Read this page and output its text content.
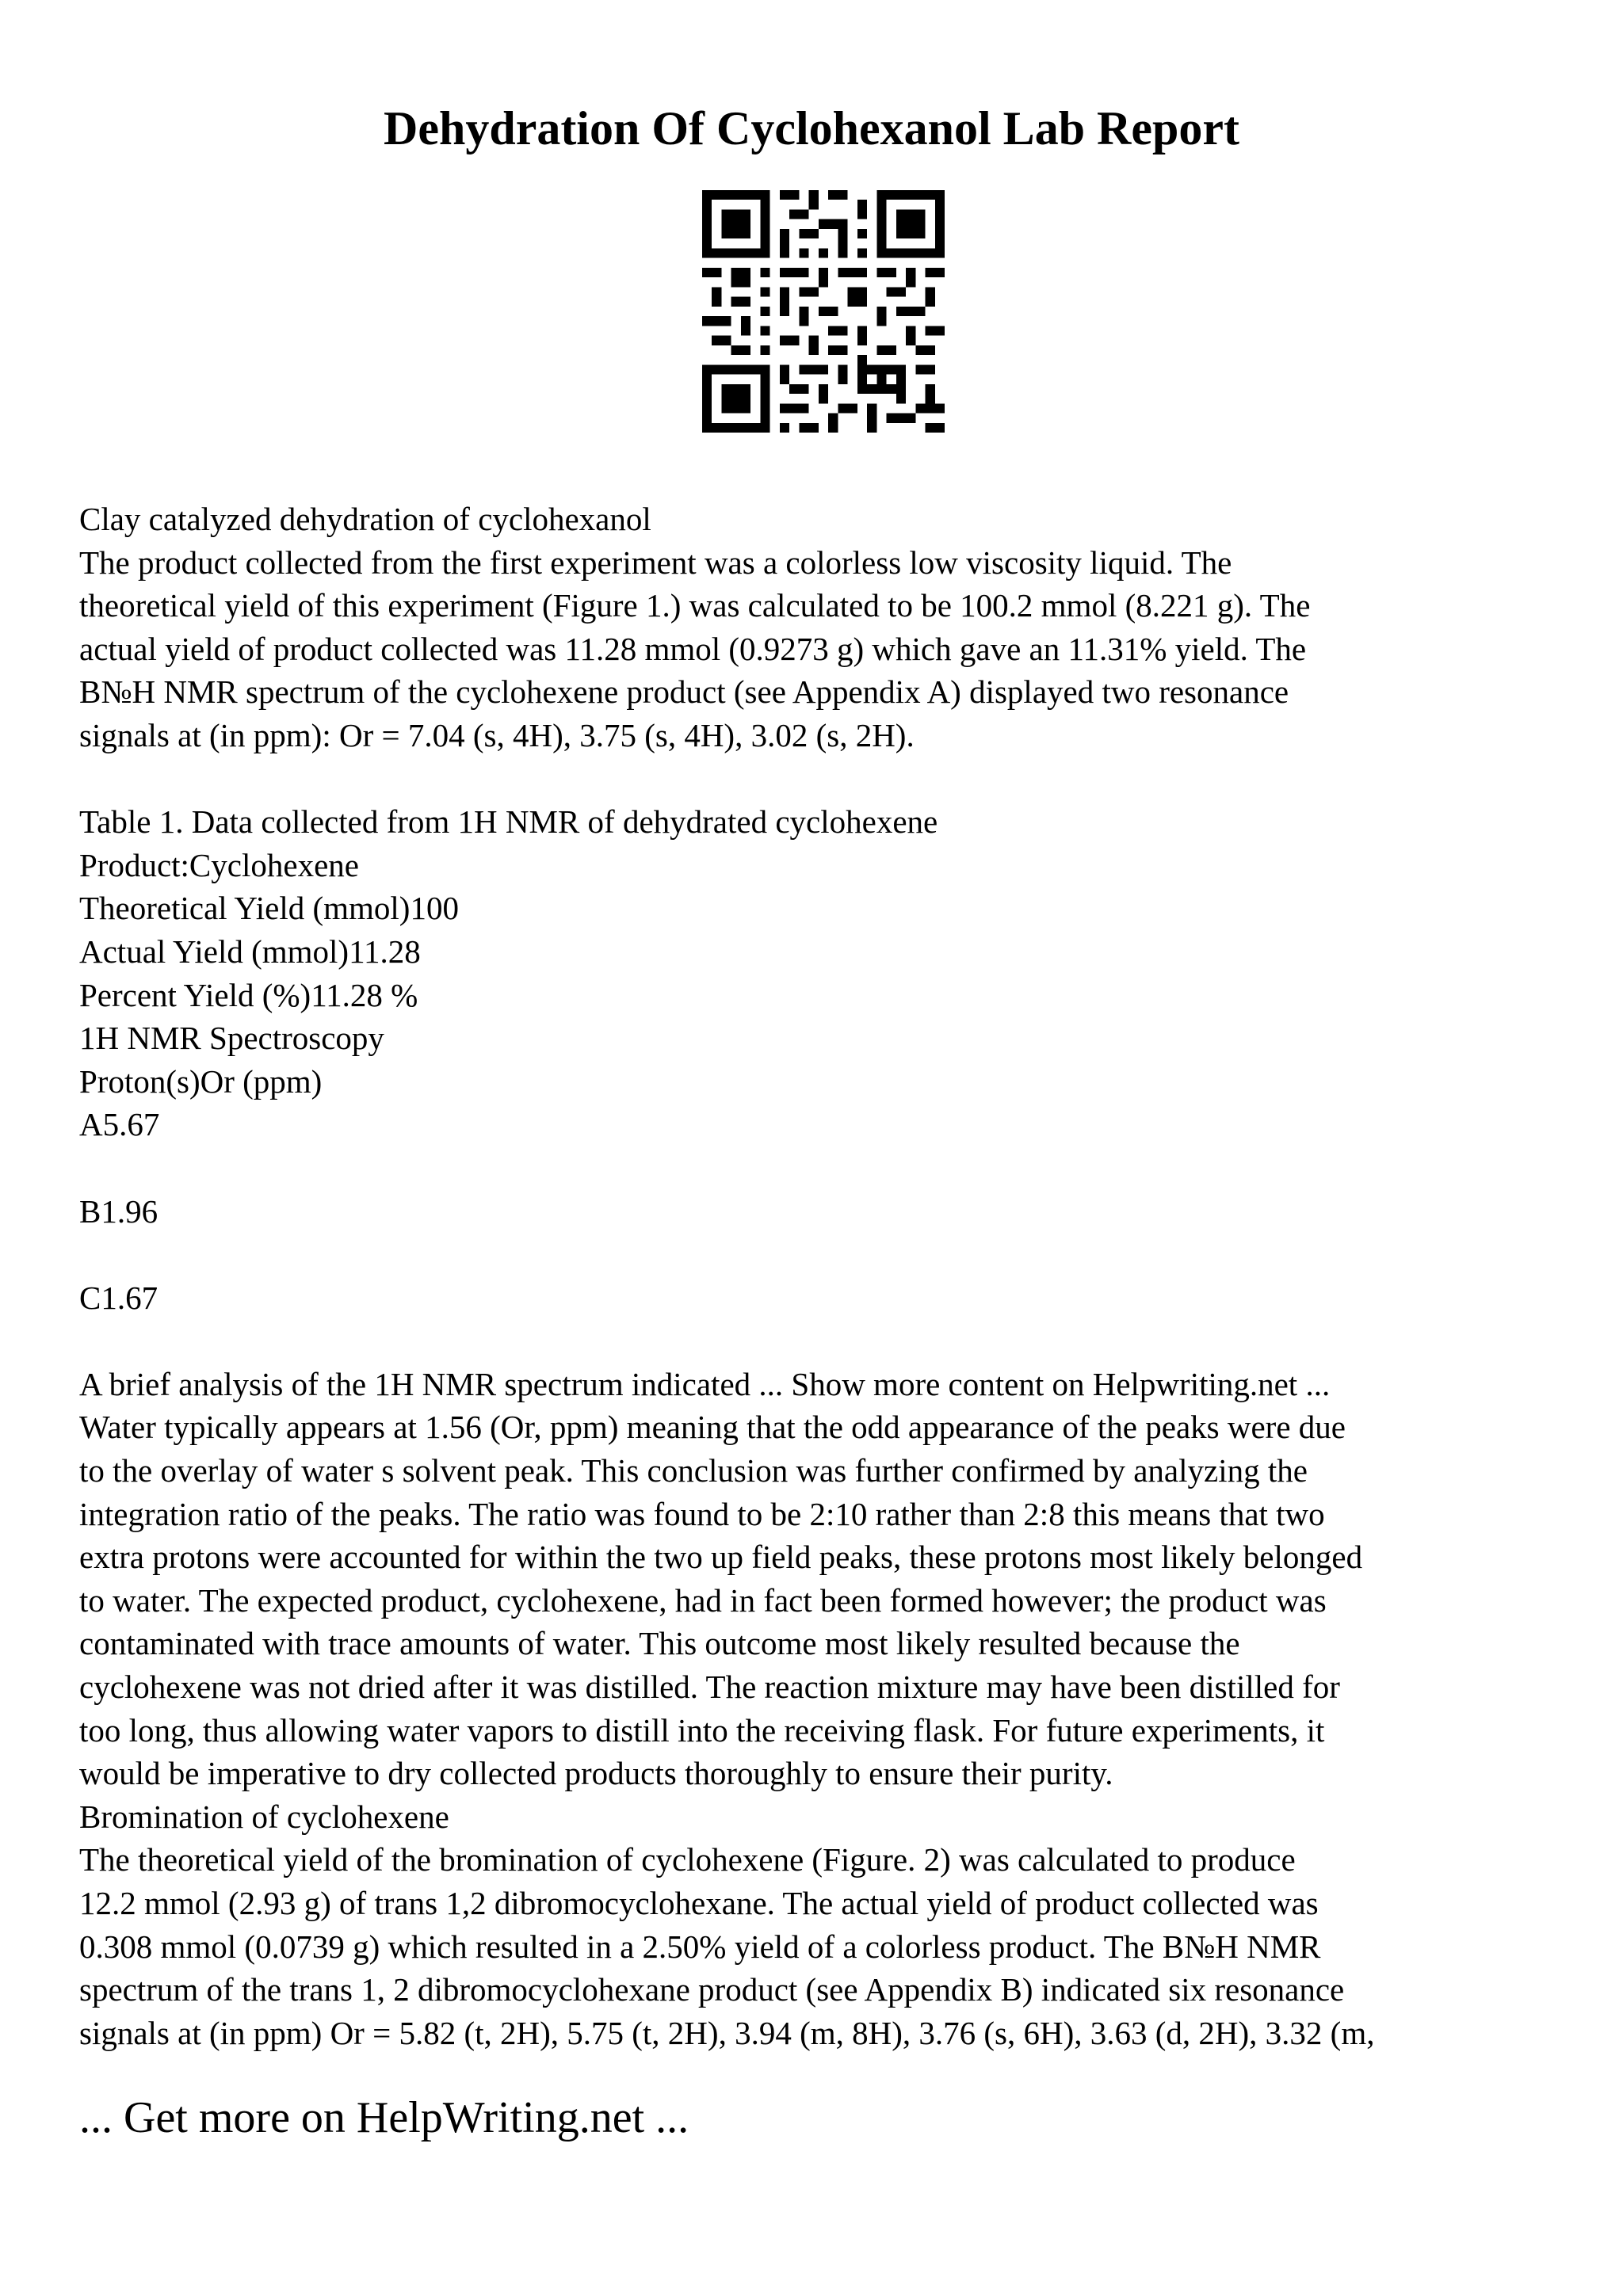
Dehydration Of Cyclohexanol Lab Report
Clay catalyzed dehydration of cyclohexanol
The product collected from the first experiment was a colorless low viscosity liquid. The
theoretical yield of this experiment (Figure 1.) was calculated to be 100.2 mmol (8.221 g). The
actual yield of product collected was 11.28 mmol (0.9273 g) which gave an 11.31% yield. The
B№H NMR spectrum of the cyclohexene product (see Appendix A) displayed two resonance
signals at (in ppm): Or = 7.04 (s, 4H), 3.75 (s, 4H), 3.02 (s, 2H).
Table 1. Data collected from 1H NMR of dehydrated cyclohexene
Product:Cyclohexene
Theoretical Yield (mmol)100
Actual Yield (mmol)11.28
Percent Yield (%)11.28 %
1H NMR Spectroscopy
Proton(s)Or (ppm)
A5.67
B1.96
C1.67
A brief analysis of the 1H NMR spectrum indicated ... Show more content on Helpwriting.net ...
Water typically appears at 1.56 (Or, ppm) meaning that the odd appearance of the peaks were due
to the overlay of water s solvent peak. This conclusion was further confirmed by analyzing the
integration ratio of the peaks. The ratio was found to be 2:10 rather than 2:8 this means that two
extra protons were accounted for within the two up field peaks, these protons most likely belonged
to water. The expected product, cyclohexene, had in fact been formed however; the product was
contaminated with trace amounts of water. This outcome most likely resulted because the
cyclohexene was not dried after it was distilled. The reaction mixture may have been distilled for
too long, thus allowing water vapors to distill into the receiving flask. For future experiments, it
would be imperative to dry collected products thoroughly to ensure their purity.
Bromination of cyclohexene
The theoretical yield of the bromination of cyclohexene (Figure. 2) was calculated to produce
12.2 mmol (2.93 g) of trans 1,2 dibromocyclohexane. The actual yield of product collected was
0.308 mmol (0.0739 g) which resulted in a 2.50% yield of a colorless product. The B№H NMR
spectrum of the trans 1, 2 dibromocyclohexane product (see Appendix B) indicated six resonance
signals at (in ppm) Or = 5.82 (t, 2H), 5.75 (t, 2H), 3.94 (m, 8H), 3.76 (s, 6H), 3.63 (d, 2H), 3.32 (m,
... Get more on HelpWriting.net ...
